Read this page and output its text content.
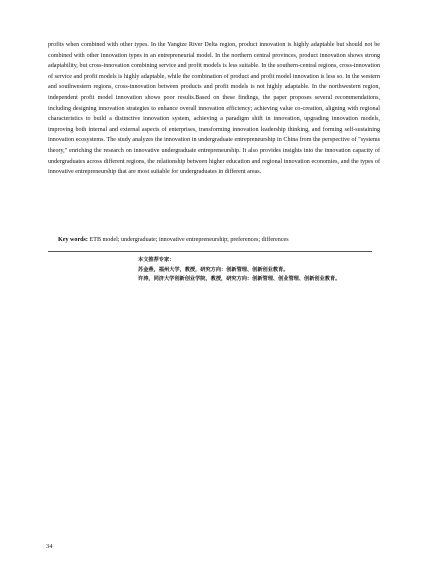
profits when combined with other types. In the Yangtze River Delta region, product innovation is highly adaptable but should not be combined with other innovation types in an entrepreneurial model. In the northern central provinces, product innovation shows strong adaptability, but cross-innovation combining service and profit models is less suitable. In the southern-central regions, cross-innovation of service and profit models is highly adaptable, while the combination of product and profit model innovation is less so. In the western and southwestern regions, cross-innovation between products and profit models is not highly adaptable. In the northwestern region, independent profit model innovation shows poor results.Based on these findings, the paper proposes several recommendations, including designing innovation strategies to enhance overall innovation efficiency; achieving value co-creation, aligning with regional characteristics to build a distinctive innovation system, achieving a paradigm shift in innovation, upgrading innovation models, improving both internal and external aspects of enterprises, transforming innovation leadership thinking, and forming self-sustaining innovation ecosystems. The study analyzes the innovation in undergraduate entrepreneurship in China from the perspective of "systems theory," enriching the research on innovative undergraduate entrepreneurship. It also provides insights into the innovation capacity of undergraduates across different regions, the relationship between higher education and regional innovation economies, and the types of innovative entrepreneurship that are most suitable for undergraduates in different areas.

Key words: ETB model; undergraduate; innovative entrepreneurship; preferences; differences
本文推荐专家：
苏金燕，福州大学，教授，研究方向：创新管理、创新创业教育。
许涛，同济大学创新创业学院，教授，研究方向：创新管理、创业管理、创新创业教育。
34
